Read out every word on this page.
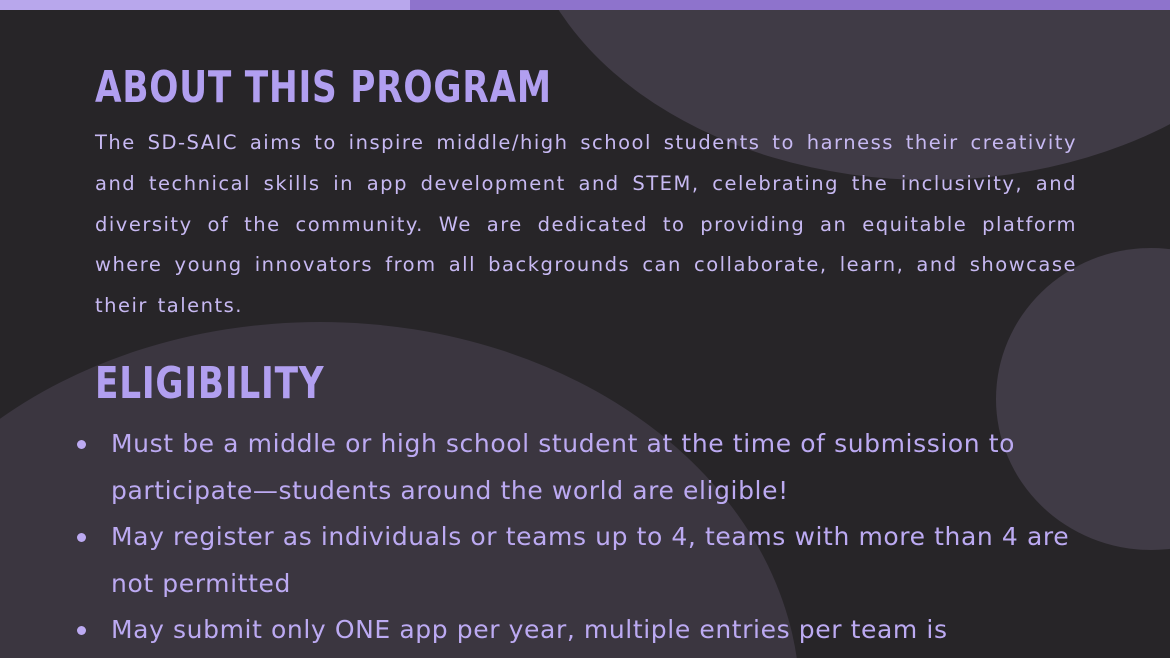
ABOUT THIS PROGRAM

The SD-SAIC aims to inspire middle/high school students to harness their creativity and technical skills in app development and STEM, celebrating the inclusivity, and diversity of the community. We are dedicated to providing an equitable platform where young innovators from all backgrounds can collaborate, learn, and showcase their talents.

ELIGIBILITY
Must be a middle or high school student at the time of submission to participate—students around the world are eligible!
May register as individuals or teams up to 4, teams with more than 4 are not permitted
May submit only ONE app per year, multiple entries per team is
